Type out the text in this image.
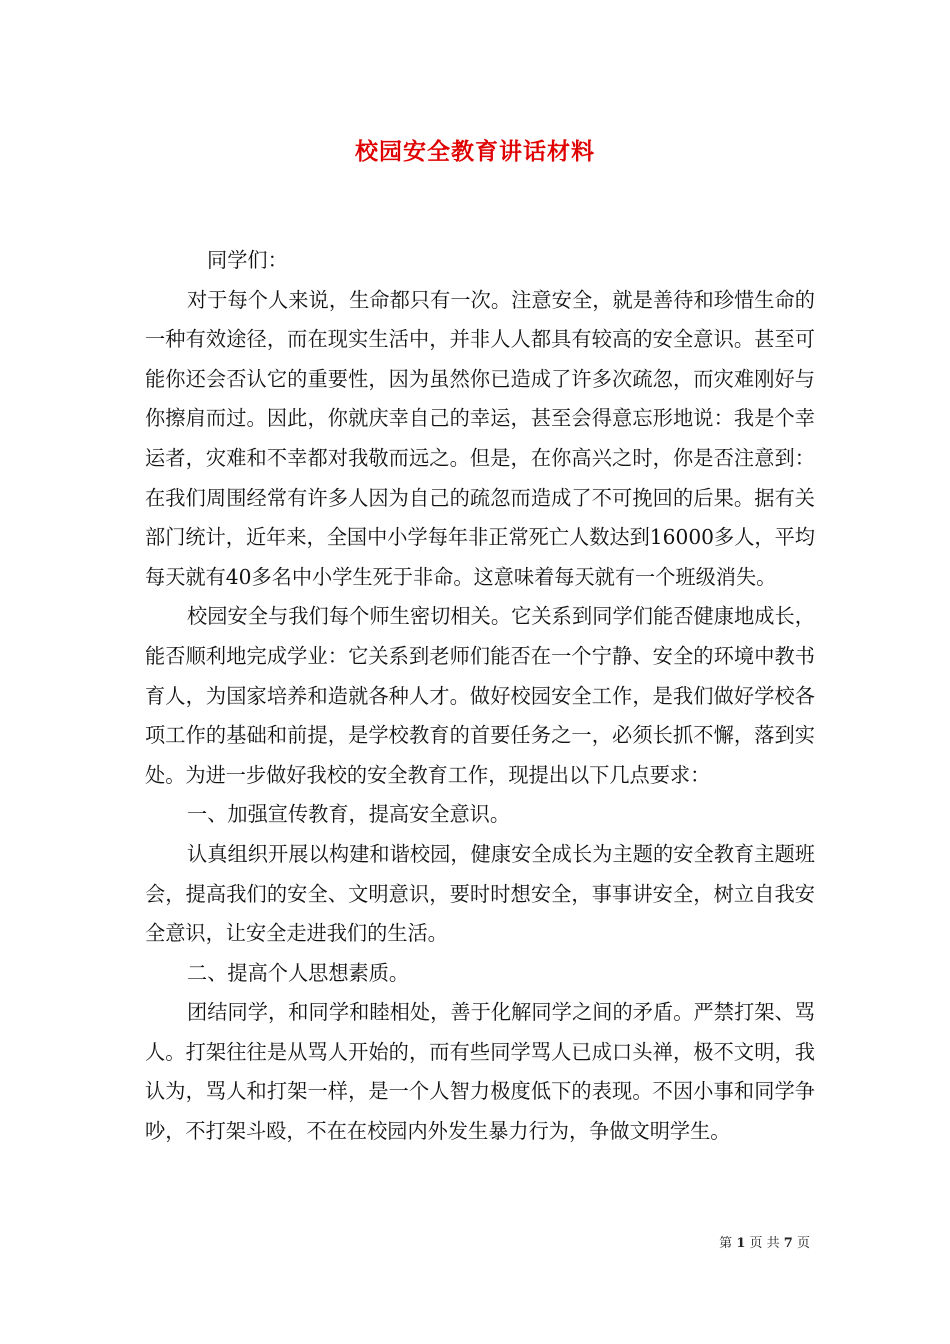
校园安全教育讲话材料

同学们：

对于每个人来说，生命都只有一次。注意安全，就是善待和珍惜生命的一种有效途径，而在现实生活中，并非人人都具有较高的安全意识。甚至可能你还会否认它的重要性，因为虽然你已造成了许多次疏忽，而灾难刚好与你擦肩而过。因此，你就庆幸自己的幸运，甚至会得意忘形地说：我是个幸运者，灾难和不幸都对我敬而远之。但是，在你高兴之时，你是否注意到：在我们周围经常有许多人因为自己的疏忽而造成了不可挽回的后果。据有关部门统计，近年来，全国中小学每年非正常死亡人数达到16000多人，平均每天就有40多名中小学生死于非命。这意味着每天就有一个班级消失。

校园安全与我们每个师生密切相关。它关系到同学们能否健康地成长，能否顺利地完成学业：它关系到老师们能否在一个宁静、安全的环境中教书育人，为国家培养和造就各种人才。做好校园安全工作，是我们做好学校各项工作的基础和前提，是学校教育的首要任务之一，必须长抓不懈，落到实处。为进一步做好我校的安全教育工作，现提出以下几点要求：

一、加强宣传教育，提高安全意识。

认真组织开展以构建和谐校园，健康安全成长为主题的安全教育主题班会，提高我们的安全、文明意识，要时时想安全，事事讲安全，树立自我安全意识，让安全走进我们的生活。

二、提高个人思想素质。

团结同学，和同学和睦相处，善于化解同学之间的矛盾。严禁打架、骂人。打架往往是从骂人开始的，而有些同学骂人已成口头禅，极不文明，我认为，骂人和打架一样，是一个人智力极度低下的表现。不因小事和同学争吵，不打架斗殴，不在在校园内外发生暴力行为，争做文明学生。

第 1 页 共 7 页
